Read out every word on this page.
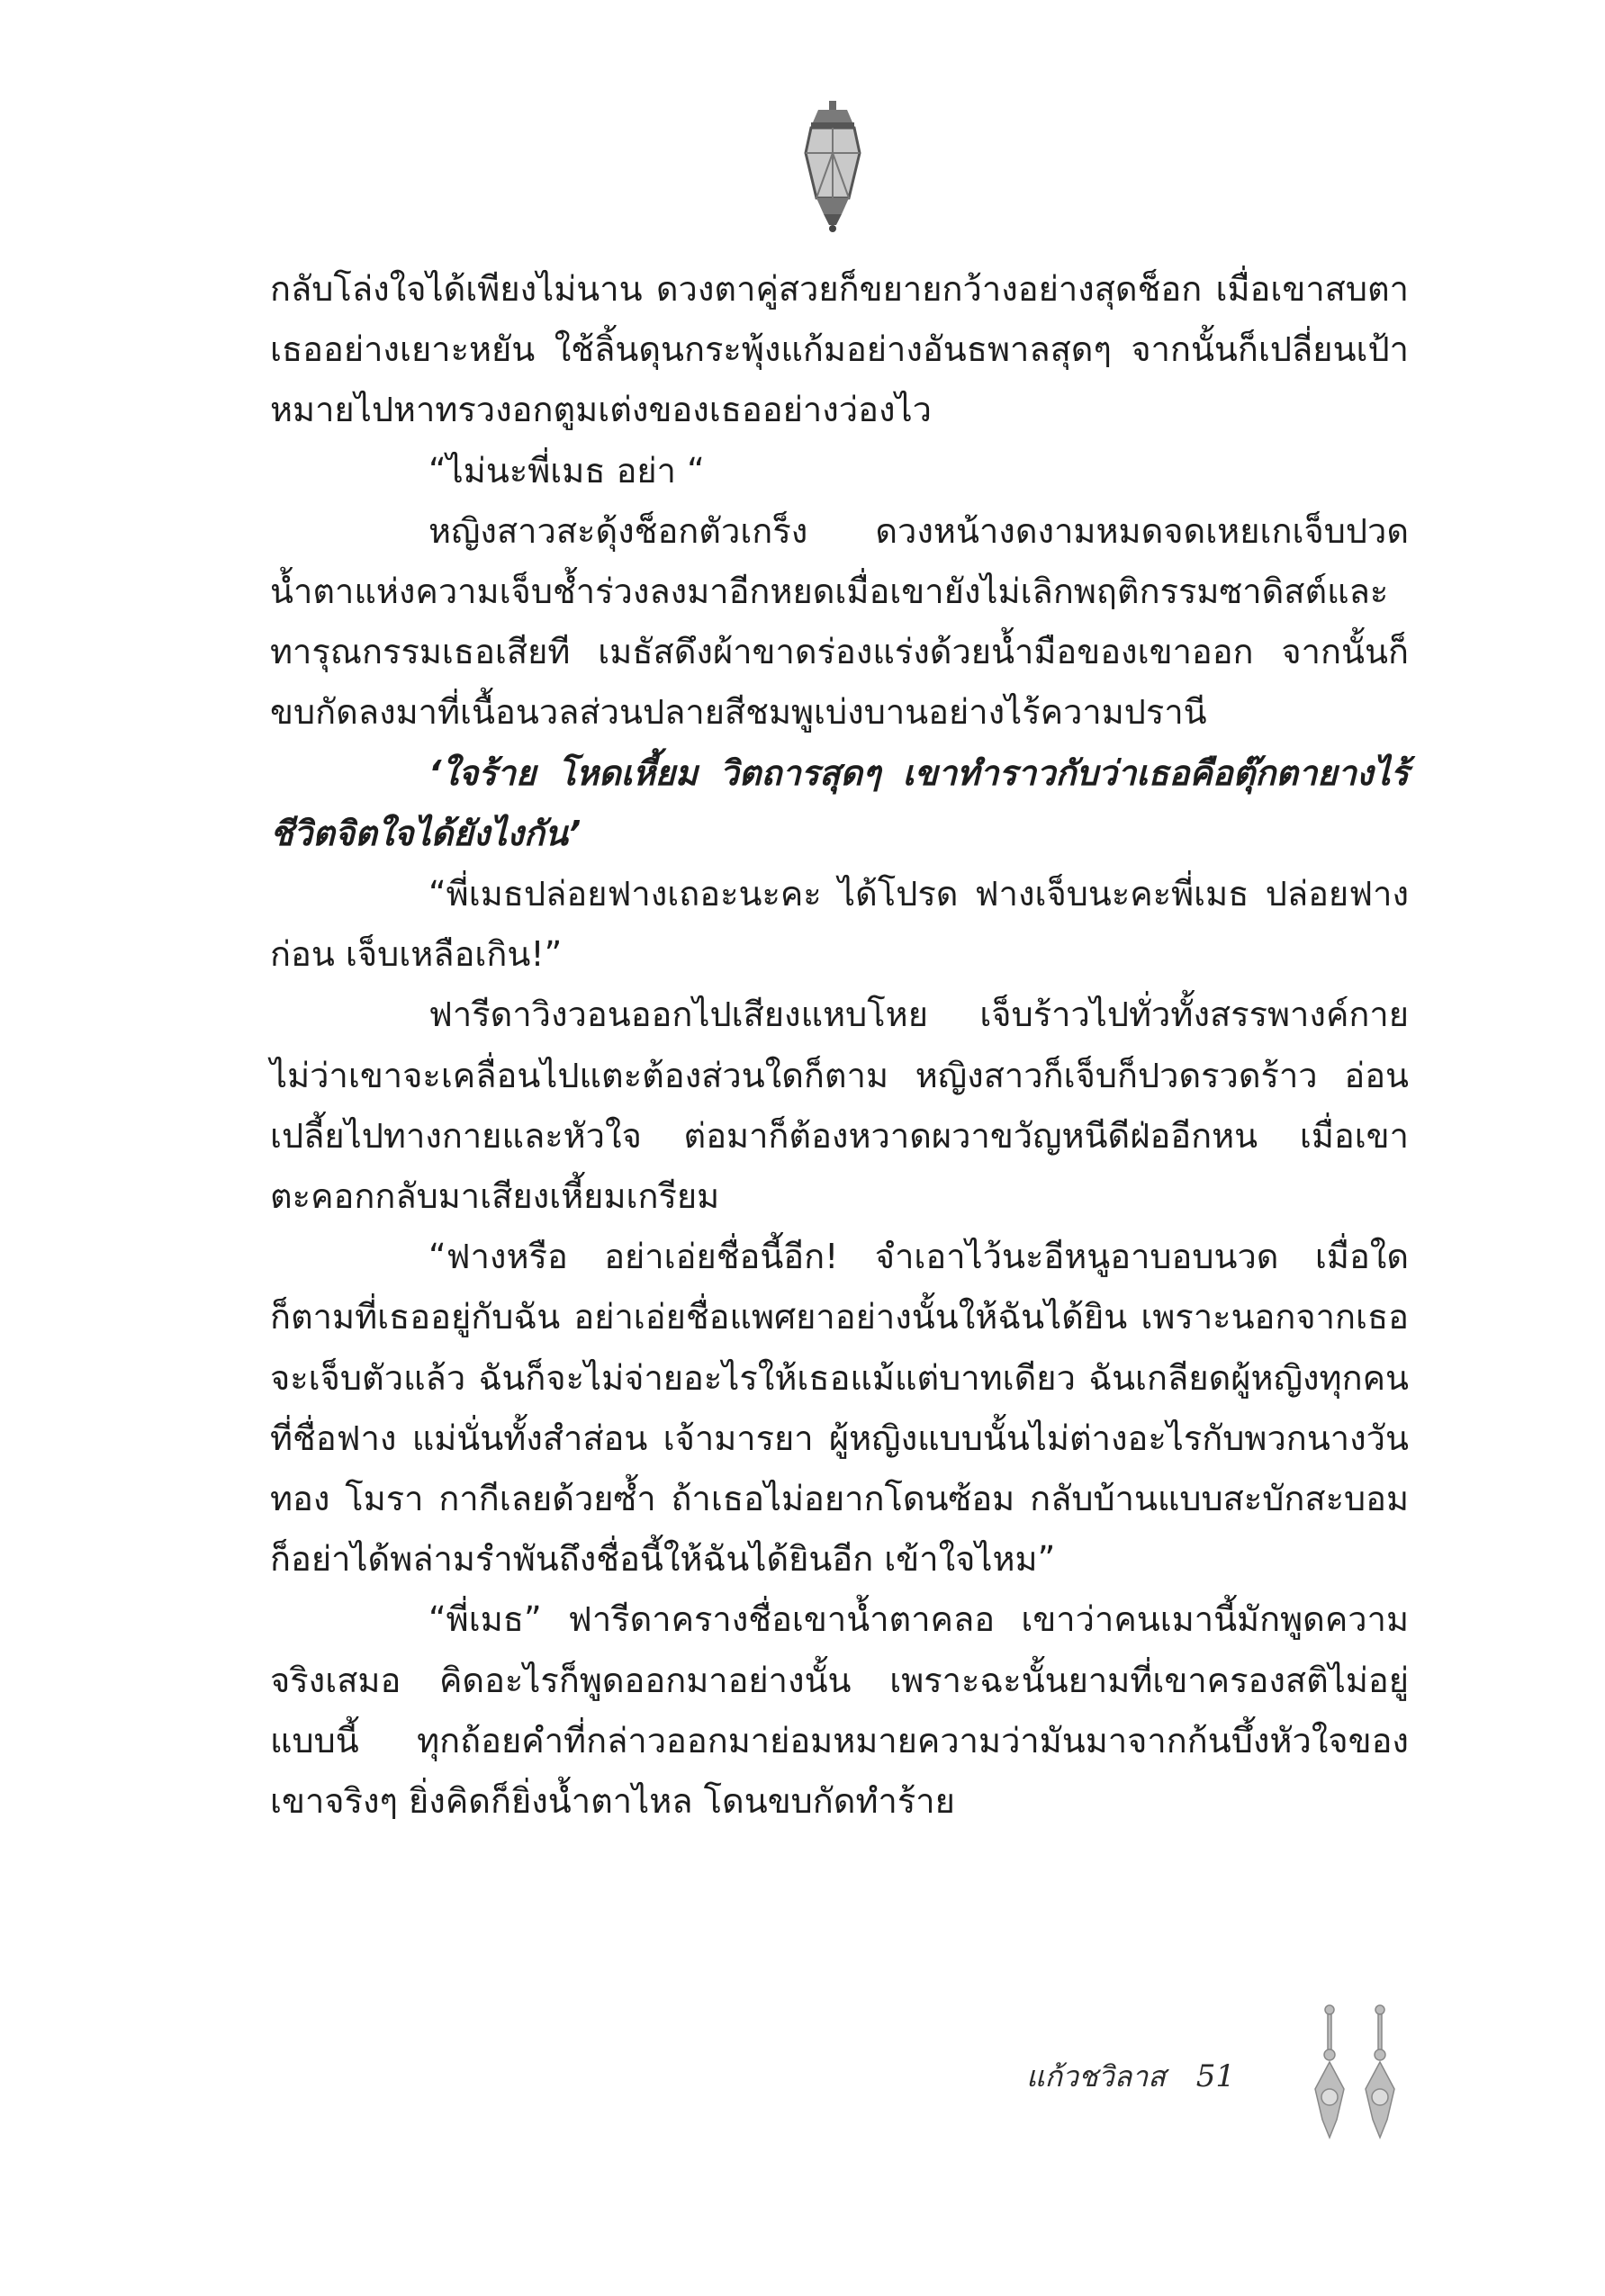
กลับโล่งใจได้เพียงไม่นาน ดวงตาคู่สวยก็ขยายกว้างอย่างสุดช็อก เมื่อเขาสบตาเธออย่างเยาะหยัน ใช้ลิ้นดุนกระพุ้งแก้มอย่างอันธพาลสุดๆ จากนั้นก็เปลี่ยนเป้าหมายไปหาทรวงอกตูมเต่งของเธออย่างว่องไว

“ไม่นะพี่เมธ อย่า “

หญิงสาวสะดุ้งช็อกตัวเกร็ง ดวงหน้างดงามหมดจดเหยเกเจ็บปวด น้ำตาแห่งความเจ็บช้ำร่วงลงมาอีกหยดเมื่อเขายังไม่เลิกพฤติกรรมซาดิสต์และทารุณกรรมเธอเสียที เมธัสดึงผ้าขาดร่องแร่งด้วยน้ำมือของเขาออก จากนั้นก็ขบกัดลงมาที่เนื้อนวลส่วนปลายสีชมพูเบ่งบานอย่างไร้ความปรานี

‘ใจร้าย โหดเหี้ยม วิตถารสุดๆ เขาทำราวกับว่าเธอคือตุ๊กตายางไร้ชีวิตจิตใจได้ยังไงกัน’

“พี่เมธปล่อยฟางเถอะนะคะ ได้โปรด ฟางเจ็บนะคะพี่เมธ ปล่อยฟางก่อน เจ็บเหลือเกิน!”

ฟารีดาวิงวอนออกไปเสียงแหบโหย เจ็บร้าวไปทั่วทั้งสรรพางค์กาย ไม่ว่าเขาจะเคลื่อนไปแตะต้องส่วนใดก็ตาม หญิงสาวก็เจ็บก็ปวดรวดร้าว อ่อนเปลี้ยไปทางกายและหัวใจ ต่อมาก็ต้องหวาดผวาขวัญหนีดีฝ่ออีกหน เมื่อเขาตะคอกกลับมาเสียงเหี้ยมเกรียม

“ฟางหรือ อย่าเอ่ยชื่อนี้อีก! จำเอาไว้นะอีหนูอาบอบนวด เมื่อใดก็ตามที่เธออยู่กับฉัน อย่าเอ่ยชื่อแพศยาอย่างนั้นให้ฉันได้ยิน เพราะนอกจากเธอจะเจ็บตัวแล้ว ฉันก็จะไม่จ่ายอะไรให้เธอแม้แต่บาทเดียว ฉันเกลียดผู้หญิงทุกคนที่ชื่อฟาง แม่นั่นทั้งสำส่อน เจ้ามารยา ผู้หญิงแบบนั้นไม่ต่างอะไรกับพวกนางวันทอง โมรา กากีเลยด้วยซ้ำ ถ้าเธอไม่อยากโดนซ้อม กลับบ้านแบบสะบักสะบอม ก็อย่าได้พล่ามรำพันถึงชื่อนี้ให้ฉันได้ยินอีก เข้าใจไหม”

“พี่เมธ” ฟารีดาครางชื่อเขาน้ำตาคลอ เขาว่าคนเมานี้มักพูดความจริงเสมอ คิดอะไรก็พูดออกมาอย่างนั้น เพราะฉะนั้นยามที่เขาครองสติไม่อยู่แบบนี้ ทุกถ้อยคำที่กล่าวออกมาย่อมหมายความว่ามันมาจากก้นบึ้งหัวใจของเขาจริงๆ ยิ่งคิดก็ยิ่งน้ำตาไหล โดนขบกัดทำร้าย

แก้วชวิลาส 51
